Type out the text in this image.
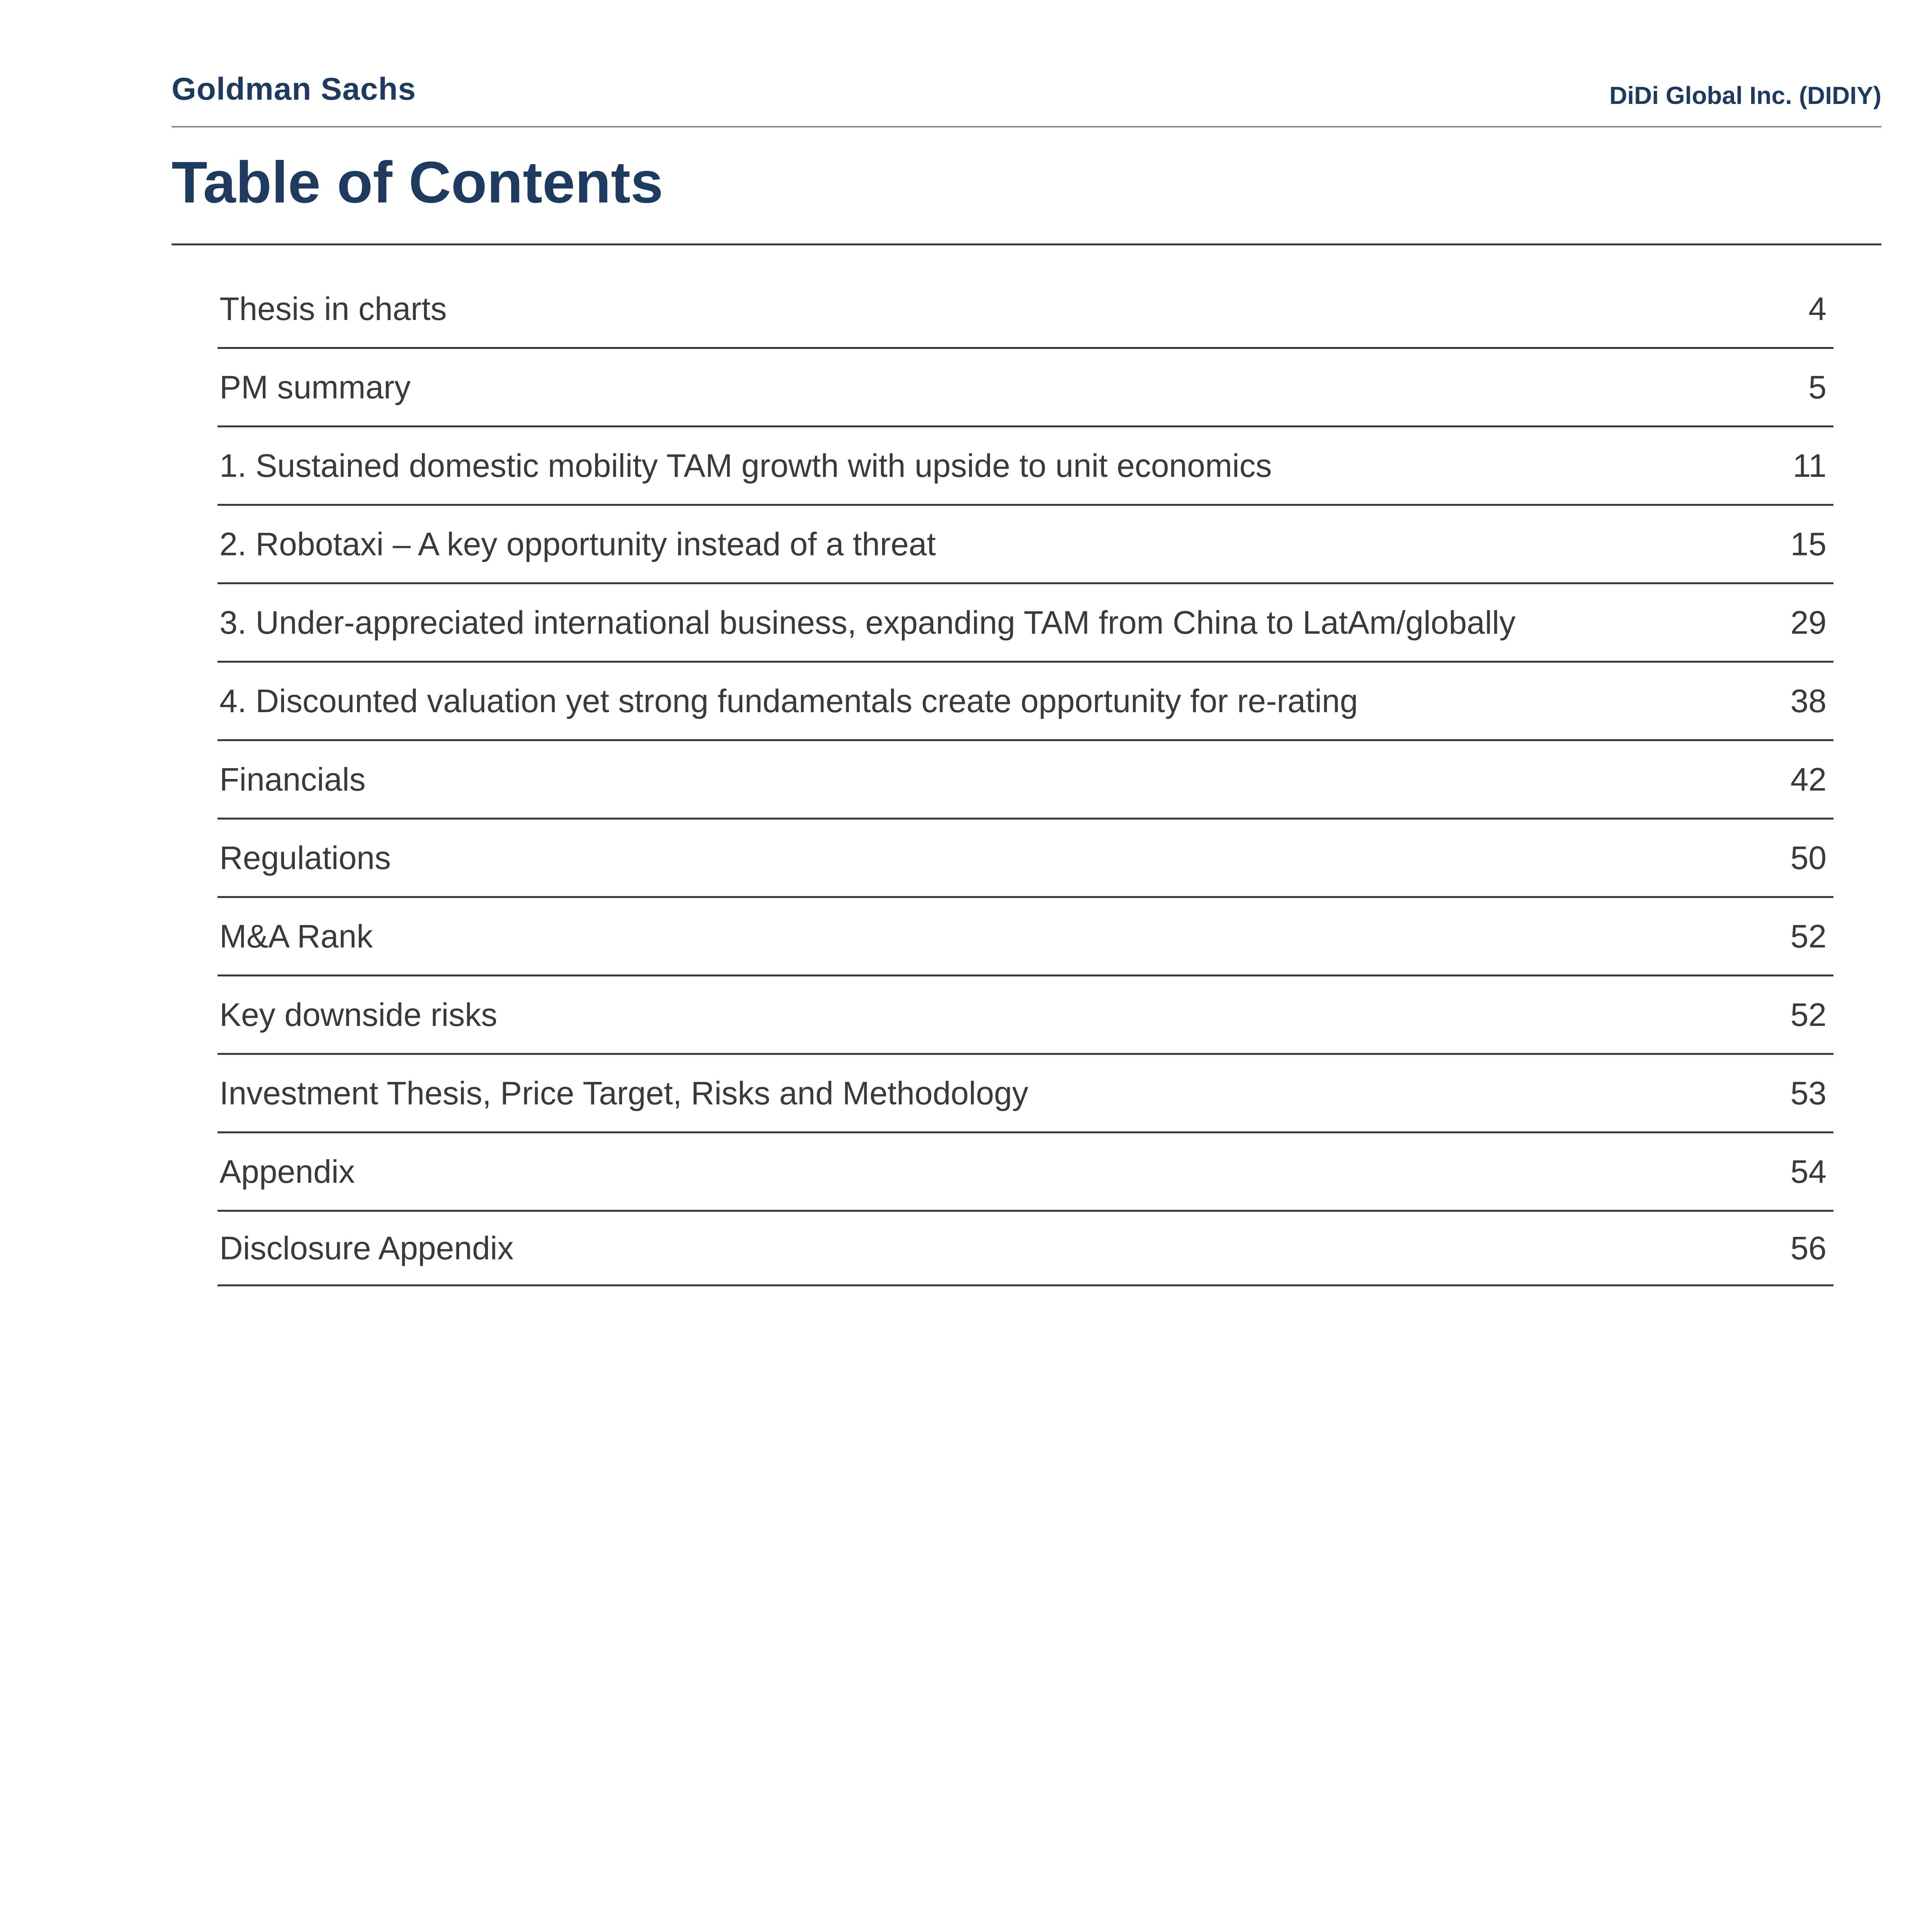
Goldman Sachs	DiDi Global Inc. (DIDIY)
Table of Contents
Thesis in charts	4
PM summary	5
1. Sustained domestic mobility TAM growth with upside to unit economics	11
2. Robotaxi – A key opportunity instead of a threat	15
3. Under-appreciated international business, expanding TAM from China to LatAm/globally	29
4. Discounted valuation yet strong fundamentals create opportunity for re-rating	38
Financials	42
Regulations	50
M&A Rank	52
Key downside risks	52
Investment Thesis, Price Target, Risks and Methodology	53
Appendix	54
Disclosure Appendix	56
